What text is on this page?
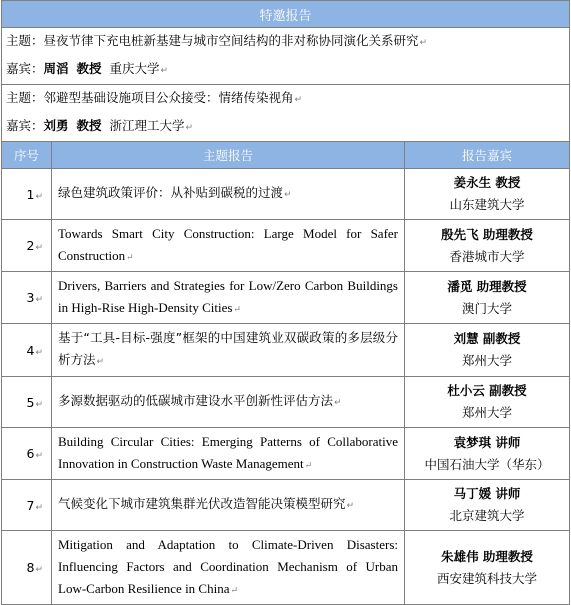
特邀报告		

主题：昼夜节律下充电桩新基建与城市空间结构的非对称协同演化关系研究↵
嘉宾：周滔 教授 重庆大学↵		

主题：邻避型基础设施项目公众接受：情绪传染视角↵
嘉宾：刘勇 教授 浙江理工大学↵		

序号	主题报告	报告嘉宾
1↵	绿色建筑政策评价：从补贴到碳税的过渡↵	姜永生 教授
山东建筑大学

2↵	Towards Smart City Construction: Large Model for Safer Construction↵	殷先飞 助理教授
香港城市大学

3↵	Drivers, Barriers and Strategies for Low/Zero Carbon Buildings in High-Rise High-Density Cities↵	潘觅 助理教授
澳门大学

4↵	基于“工具-目标-强度”框架的中国建筑业双碳政策的多层级分析方法↵	刘慧 副教授
郑州大学

5↵	多源数据驱动的低碳城市建设水平创新性评估方法↵	杜小云 副教授
郑州大学

6↵	Building Circular Cities: Emerging Patterns of Collaborative Innovation in Construction Waste Management↵	袁梦琪 讲师
中国石油大学（华东）

7↵	气候变化下城市建筑集群光伏改造智能决策模型研究↵	马丁媛 讲师
北京建筑大学

8↵	Mitigation and Adaptation to Climate-Driven Disasters: Influencing Factors and Coordination Mechanism of Urban Low-Carbon Resilience in China↵	朱雄伟 助理教授
西安建筑科技大学
